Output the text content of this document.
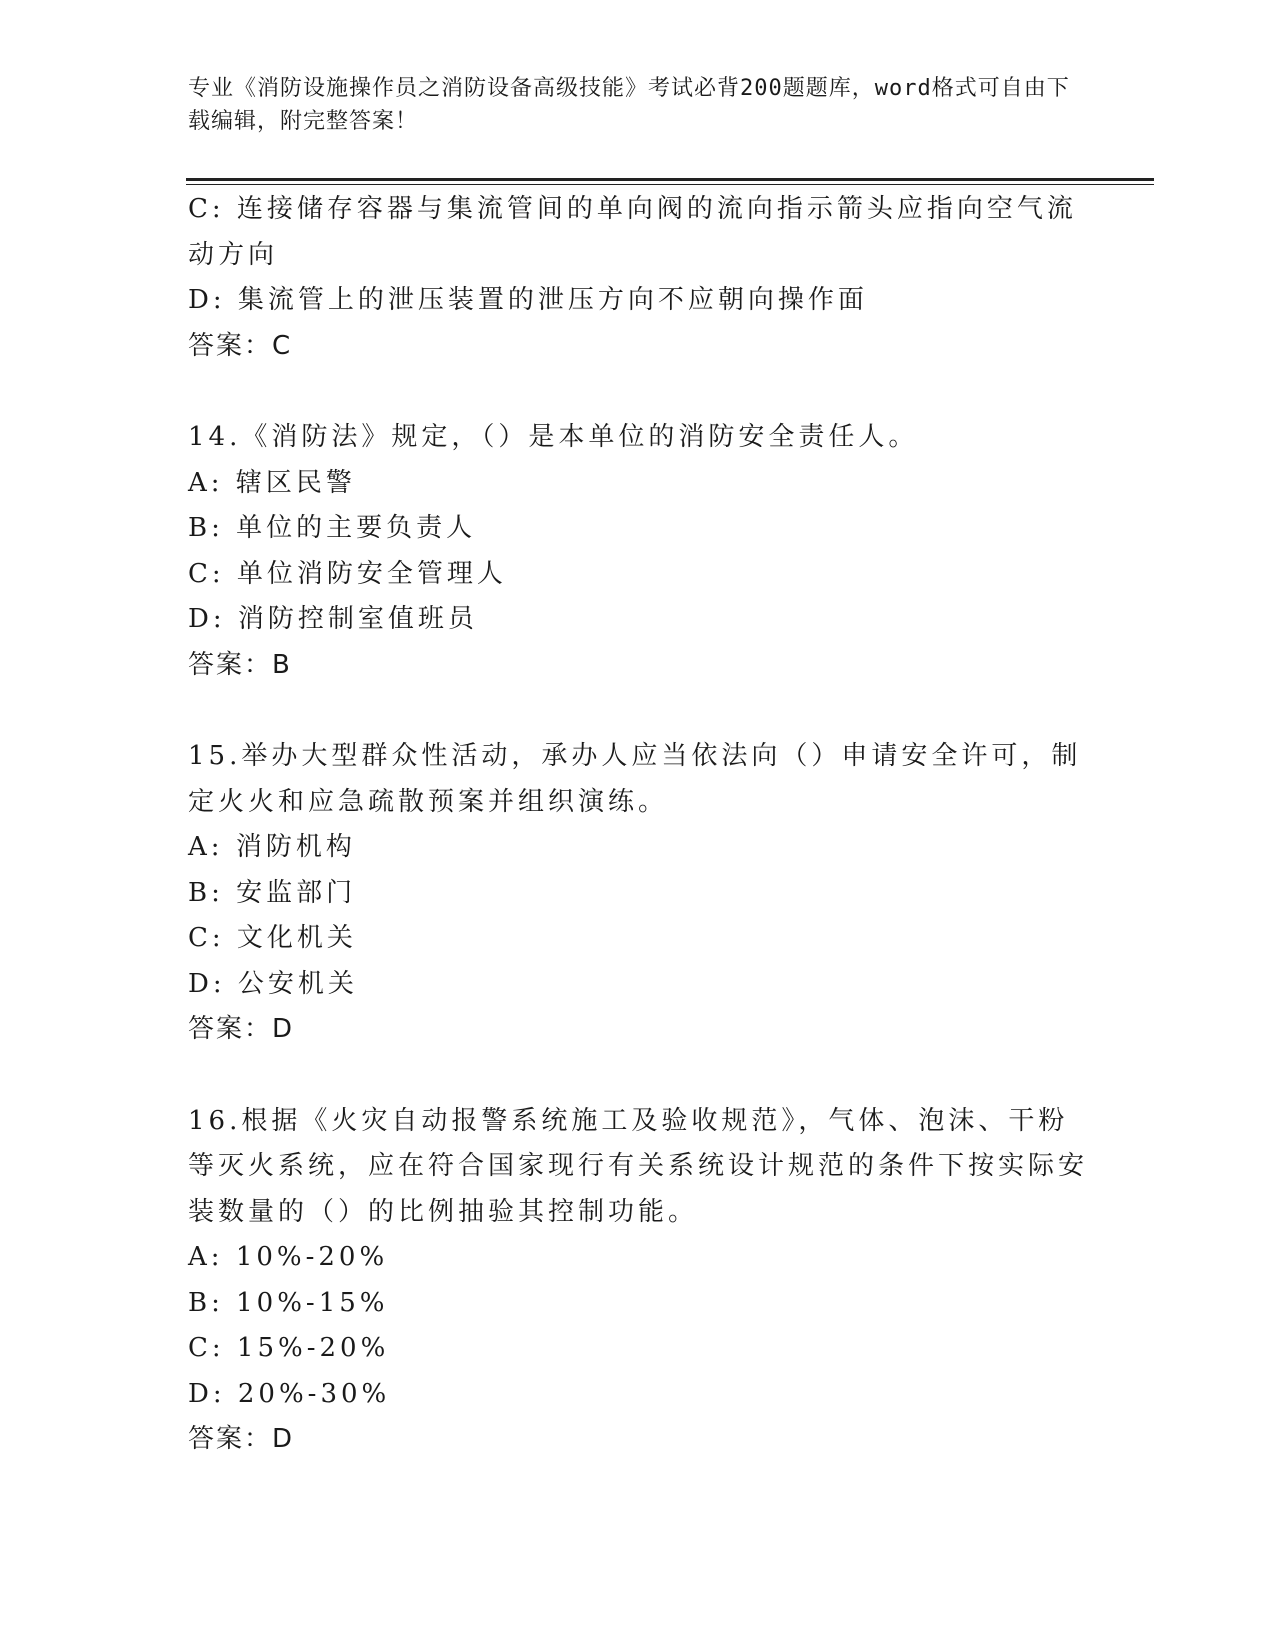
专业《消防设施操作员之消防设备高级技能》考试必背200题题库，word格式可自由下载编辑，附完整答案！
C: 连接储存容器与集流管间的单向阀的流向指示箭头应指向空气流动方向
D: 集流管上的泄压装置的泄压方向不应朝向操作面
答案：C
14.《消防法》规定，（）是本单位的消防安全责任人。
A: 辖区民警
B: 单位的主要负责人
C: 单位消防安全管理人
D: 消防控制室值班员
答案：B
15.举办大型群众性活动，承办人应当依法向（）申请安全许可，制定火火和应急疏散预案并组织演练。
A: 消防机构
B: 安监部门
C: 文化机关
D: 公安机关
答案：D
16.根据《火灾自动报警系统施工及验收规范》，气体、泡沫、干粉等灭火系统，应在符合国家现行有关系统设计规范的条件下按实际安装数量的（）的比例抽验其控制功能。
A: 10%-20%
B: 10%-15%
C: 15%-20%
D: 20%-30%
答案：D
